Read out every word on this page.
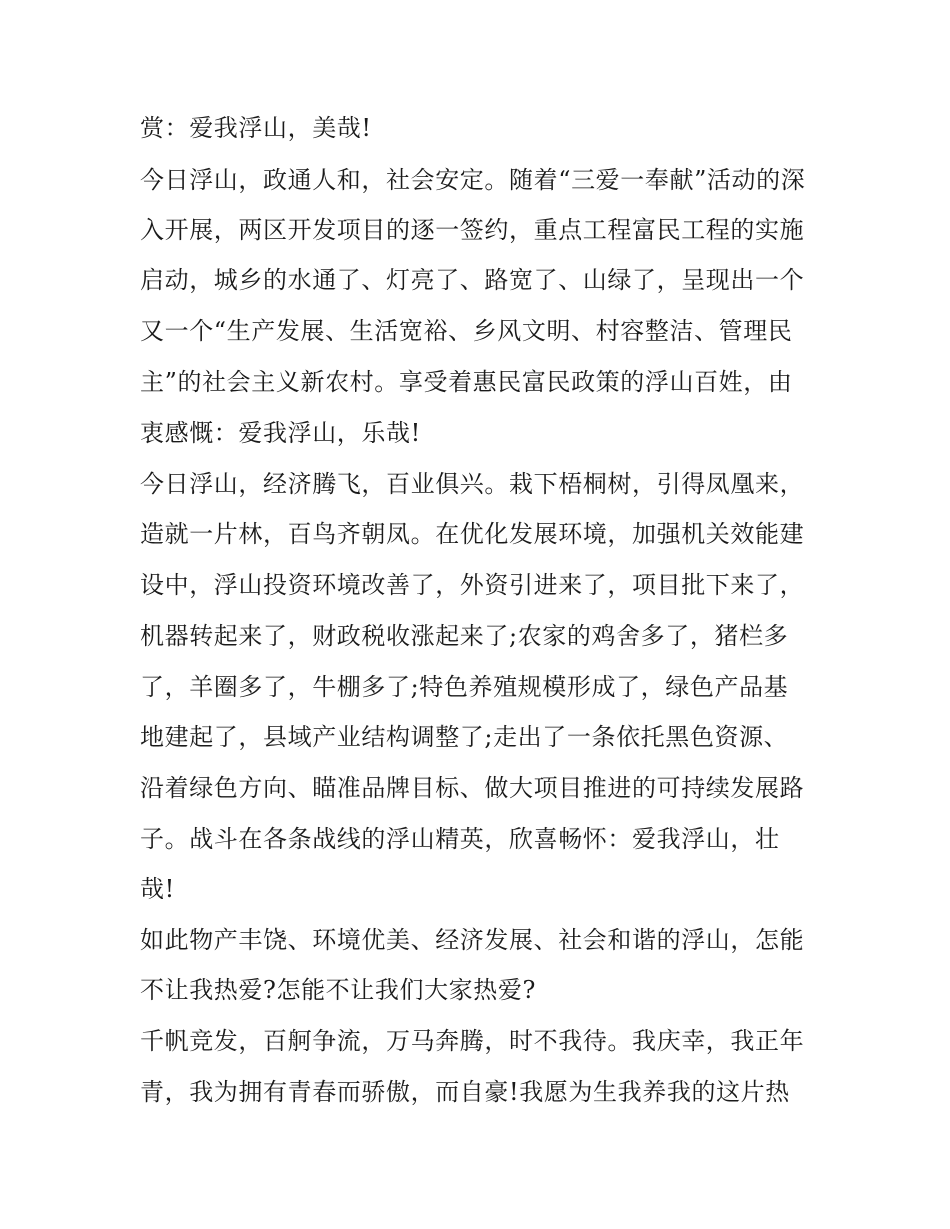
赏：爱我浮山，美哉!
今日浮山，政通人和，社会安定。随着“三爱一奉献”活动的深
入开展，两区开发项目的逐一签约，重点工程富民工程的实施
启动，城乡的水通了、灯亮了、路宽了、山绿了，呈现出一个
又一个“生产发展、生活宽裕、乡风文明、村容整洁、管理民
主”的社会主义新农村。享受着惠民富民政策的浮山百姓，由
衷感慨：爱我浮山，乐哉!
今日浮山，经济腾飞，百业俱兴。栽下梧桐树，引得凤凰来，
造就一片林，百鸟齐朝凤。在优化发展环境，加强机关效能建
设中，浮山投资环境改善了，外资引进来了，项目批下来了，
机器转起来了，财政税收涨起来了;农家的鸡舍多了，猪栏多
了，羊圈多了，牛棚多了;特色养殖规模形成了，绿色产品基
地建起了，县域产业结构调整了;走出了一条依托黑色资源、
沿着绿色方向、瞄准品牌目标、做大项目推进的可持续发展路
子。战斗在各条战线的浮山精英，欣喜畅怀：爱我浮山，壮
哉!
如此物产丰饶、环境优美、经济发展、社会和谐的浮山，怎能
不让我热爱?怎能不让我们大家热爱?
千帆竞发，百舸争流，万马奔腾，时不我待。我庆幸，我正年
青，我为拥有青春而骄傲，而自豪!我愿为生我养我的这片热
